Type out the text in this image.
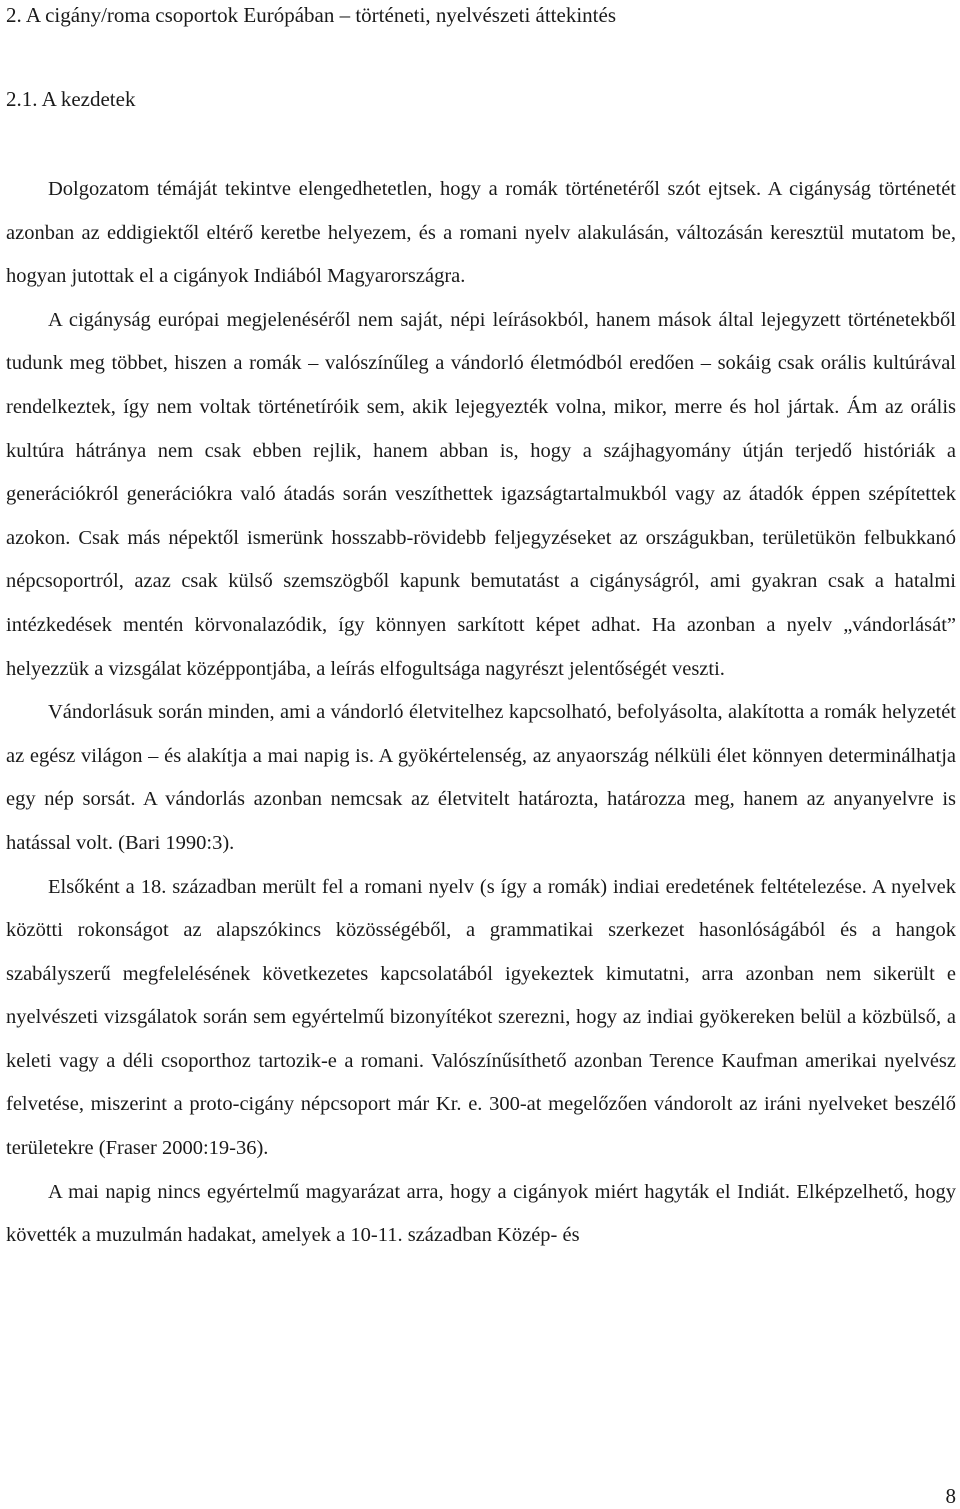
2. A cigány/roma csoportok Európában – történeti, nyelvészeti áttekintés
2.1. A kezdetek

Dolgozatom témáját tekintve elengedhetetlen, hogy a romák történetéről szót ejtsek. A cigányság történetét azonban az eddigiektől eltérő keretbe helyezem, és a romani nyelv alakulásán, változásán keresztül mutatom be, hogyan jutottak el a cigányok Indiából Magyarországra.

A cigányság európai megjelenéséről nem saját, népi leírásokból, hanem mások által lejegyzett történetekből tudunk meg többet, hiszen a romák – valószínűleg a vándorló életmódból eredően – sokáig csak orális kultúrával rendelkeztek, így nem voltak történetíróik sem, akik lejegyezték volna, mikor, merre és hol jártak. Ám az orális kultúra hátránya nem csak ebben rejlik, hanem abban is, hogy a szájhagyomány útján terjedő históriák a generációkról generációkra való átadás során veszíthettek igazságtartalmukból vagy az átadók éppen szépítettek azokon. Csak más népektől ismerünk hosszabb-rövidebb feljegyzéseket az országukban, területükön felbukkanó népcsoportról, azaz csak külső szemszögből kapunk bemutatást a cigányságról, ami gyakran csak a hatalmi intézkedések mentén körvonalazódik, így könnyen sarkított képet adhat. Ha azonban a nyelv „vándorlását” helyezzük a vizsgálat középpontjába, a leírás elfogultsága nagyrészt jelentőségét veszti.

Vándorlásuk során minden, ami a vándorló életvitelhez kapcsolható, befolyásolta, alakította a romák helyzetét az egész világon – és alakítja a mai napig is. A gyökértelenség, az anyaország nélküli élet könnyen determinálhatja egy nép sorsát. A vándorlás azonban nemcsak az életvitelt határozta, határozza meg, hanem az anyanyelvre is hatással volt. (Bari 1990:3).

Elsőként a 18. században merült fel a romani nyelv (s így a romák) indiai eredetének feltételezése. A nyelvek közötti rokonságot az alapszókincs közösségéből, a grammatikai szerkezet hasonlóságából és a hangok szabályszerű megfelelésének következetes kapcsolatából igyekeztek kimutatni, arra azonban nem sikerült e nyelvészeti vizsgálatok során sem egyértelmű bizonyítékot szerezni, hogy az indiai gyökereken belül a közbülső, a keleti vagy a déli csoporthoz tartozik-e a romani. Valószínűsíthető azonban Terence Kaufman amerikai nyelvész felvetése, miszerint a proto-cigány népcsoport már Kr. e. 300-at megelőzően vándorolt az iráni nyelveket beszélő területekre (Fraser 2000:19-36).

A mai napig nincs egyértelmű magyarázat arra, hogy a cigányok miért hagyták el Indiát. Elképzelhető, hogy követték a muzulmán hadakat, amelyek a 10-11. században Közép- és

8
